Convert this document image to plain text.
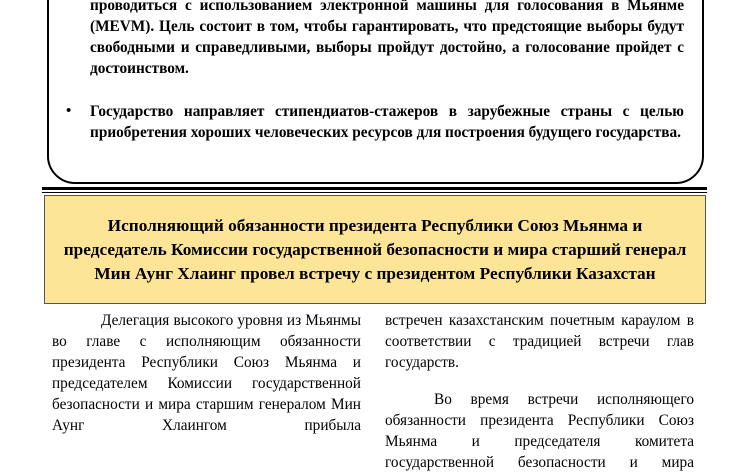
проводиться с использованием электронной машины для голосования в Мьянме (MEVM). Цель состоит в том, чтобы гарантировать, что предстоящие выборы будут свободными и справедливыми, выборы пройдут достойно, а голосование пройдет с достоинством.
• Государство направляет стипендиатов-стажеров в зарубежные страны с целью приобретения хороших человеческих ресурсов для построения будущего государства.
Исполняющий обязанности президента Республики Союз Мьянма и председатель Комиссии государственной безопасности и мира старший генерал Мин Аунг Хлаинг провел встречу с президентом Республики Казахстан

Делегация высокого уровня из Мьянмы во главе с исполняющим обязанности президента Республики Союз Мьянма и председателем Комиссии государственной безопасности и мира старшим генералом Мин Аунг Хлаингом прибыла

встречен казахстанским почетным караулом в соответствии с традицией встречи глав государств.

Во время встречи исполняющего обязанности президента Республики Союз Мьянма и председателя комитета государственной безопасности и мира
